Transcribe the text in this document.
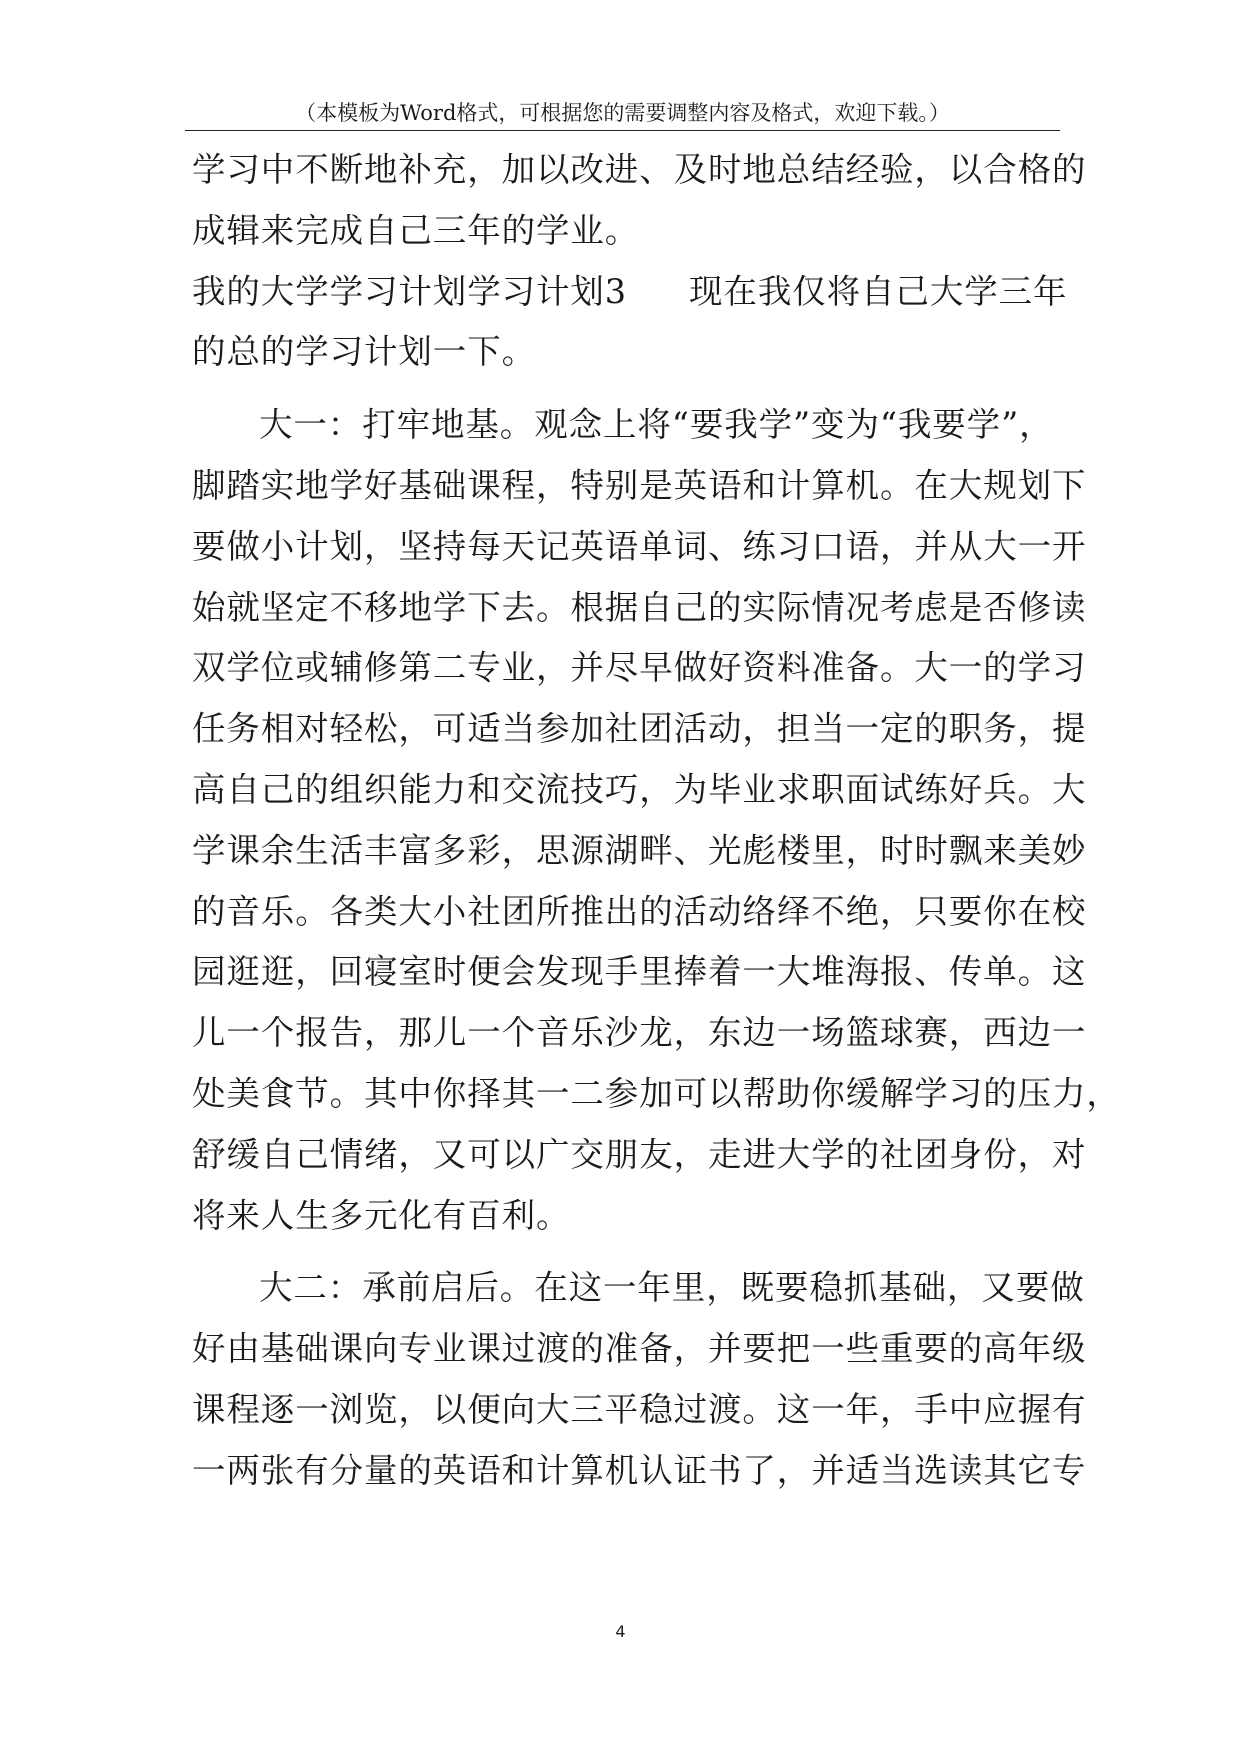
（本模板为Word格式，可根据您的需要调整内容及格式，欢迎下载。）
学习中不断地补充，加以改进、及时地总结经验，以合格的
成辑来完成自己三年的学业。
我的大学学习计划学习计划3 现在我仅将自己大学三年
的总的学习计划一下。
大一：打牢地基。观念上将“要我学”变为“我要学”，
脚踏实地学好基础课程，特别是英语和计算机。在大规划下
要做小计划，坚持每天记英语单词、练习口语，并从大一开
始就坚定不移地学下去。根据自己的实际情况考虑是否修读
双学位或辅修第二专业，并尽早做好资料准备。大一的学习
任务相对轻松，可适当参加社团活动，担当一定的职务，提
高自己的组织能力和交流技巧，为毕业求职面试练好兵。大
学课余生活丰富多彩，思源湖畔、光彪楼里，时时飘来美妙
的音乐。各类大小社团所推出的活动络绎不绝，只要你在校
园逛逛，回寝室时便会发现手里捧着一大堆海报、传单。这
儿一个报告，那儿一个音乐沙龙，东边一场篮球赛，西边一
处美食节。其中你择其一二参加可以帮助你缓解学习的压力，
舒缓自己情绪，又可以广交朋友，走进大学的社团身份，对
将来人生多元化有百利。
大二：承前启后。在这一年里，既要稳抓基础，又要做
好由基础课向专业课过渡的准备，并要把一些重要的高年级
课程逐一浏览，以便向大三平稳过渡。这一年，手中应握有
一两张有分量的英语和计算机认证书了，并适当选读其它专
4
